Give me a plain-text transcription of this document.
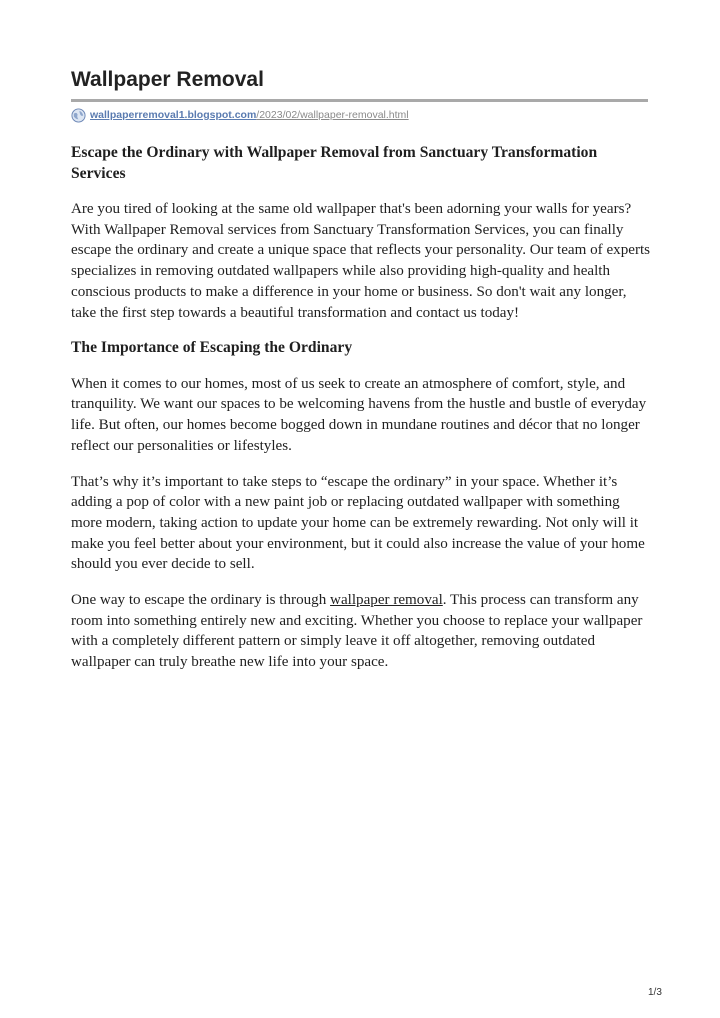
Wallpaper Removal
wallpaperremoval1.blogspot.com /2023/02/wallpaper-removal.html
Escape the Ordinary with Wallpaper Removal from Sanctuary Transformation Services

Are you tired of looking at the same old wallpaper that's been adorning your walls for years? With Wallpaper Removal services from Sanctuary Transformation Services, you can finally escape the ordinary and create a unique space that reflects your personality. Our team of experts specializes in removing outdated wallpapers while also providing high-quality and health conscious products to make a difference in your home or business. So don't wait any longer, take the first step towards a beautiful transformation and contact us today!

The Importance of Escaping the Ordinary

When it comes to our homes, most of us seek to create an atmosphere of comfort, style, and tranquility. We want our spaces to be welcoming havens from the hustle and bustle of everyday life. But often, our homes become bogged down in mundane routines and décor that no longer reflect our personalities or lifestyles.

That’s why it’s important to take steps to “escape the ordinary” in your space. Whether it’s adding a pop of color with a new paint job or replacing outdated wallpaper with something more modern, taking action to update your home can be extremely rewarding. Not only will it make you feel better about your environment, but it could also increase the value of your home should you ever decide to sell.

One way to escape the ordinary is through wallpaper removal. This process can transform any room into something entirely new and exciting. Whether you choose to replace your wallpaper with a completely different pattern or simply leave it off altogether, removing outdated wallpaper can truly breathe new life into your space.

1/3
